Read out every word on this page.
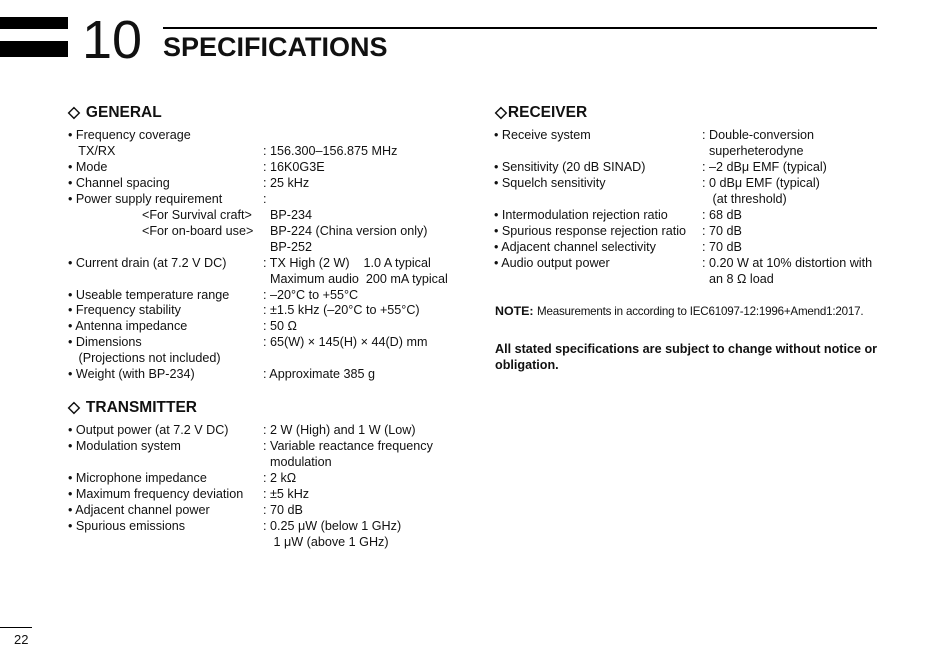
10 SPECIFICATIONS
◇ GENERAL
• Frequency coverage
TX/RX	: 156.300–156.875 MHz
• Mode	: 16K0G3E
• Channel spacing	: 25 kHz
• Power supply requirement	:
<For Survival craft> BP-234
<For on-board use> BP-224 (China version only)
BP-252
• Current drain (at 7.2 V DC)	: TX High (2 W)    1.0 A typical
Maximum audio  200 mA typical
• Useable temperature range	: –20°C to +55°C
• Frequency stability	: ±1.5 kHz (–20°C to +55°C)
• Antenna impedance	: 50 Ω
• Dimensions	: 65(W) × 145(H) × 44(D) mm
(Projections not included)
• Weight (with BP-234)	: Approximate 385 g
◇ TRANSMITTER
• Output power (at 7.2 V DC)	: 2 W (High) and 1 W (Low)
• Modulation system	: Variable reactance frequency
modulation
• Microphone impedance	: 2 kΩ
• Maximum frequency deviation : ±5 kHz
• Adjacent channel power	: 70 dB
• Spurious emissions	: 0.25 μW (below 1 GHz)
1 μW (above 1 GHz)
◇RECEIVER
• Receive system	: Double-conversion
superheterodyne
• Sensitivity (20 dB SINAD)	: –2 dBμ EMF (typical)
• Squelch sensitivity	: 0 dBμ EMF (typical)
(at threshold)
• Intermodulation rejection ratio	: 68 dB
• Spurious response rejection ratio : 70 dB
• Adjacent channel selectivity	: 70 dB
• Audio output power	: 0.20 W at 10% distortion with
an 8 Ω load
NOTE: Measurements in according to IEC61097-12:1996+Amend1:2017.
All stated specifications are subject to change without notice or obligation.
22
